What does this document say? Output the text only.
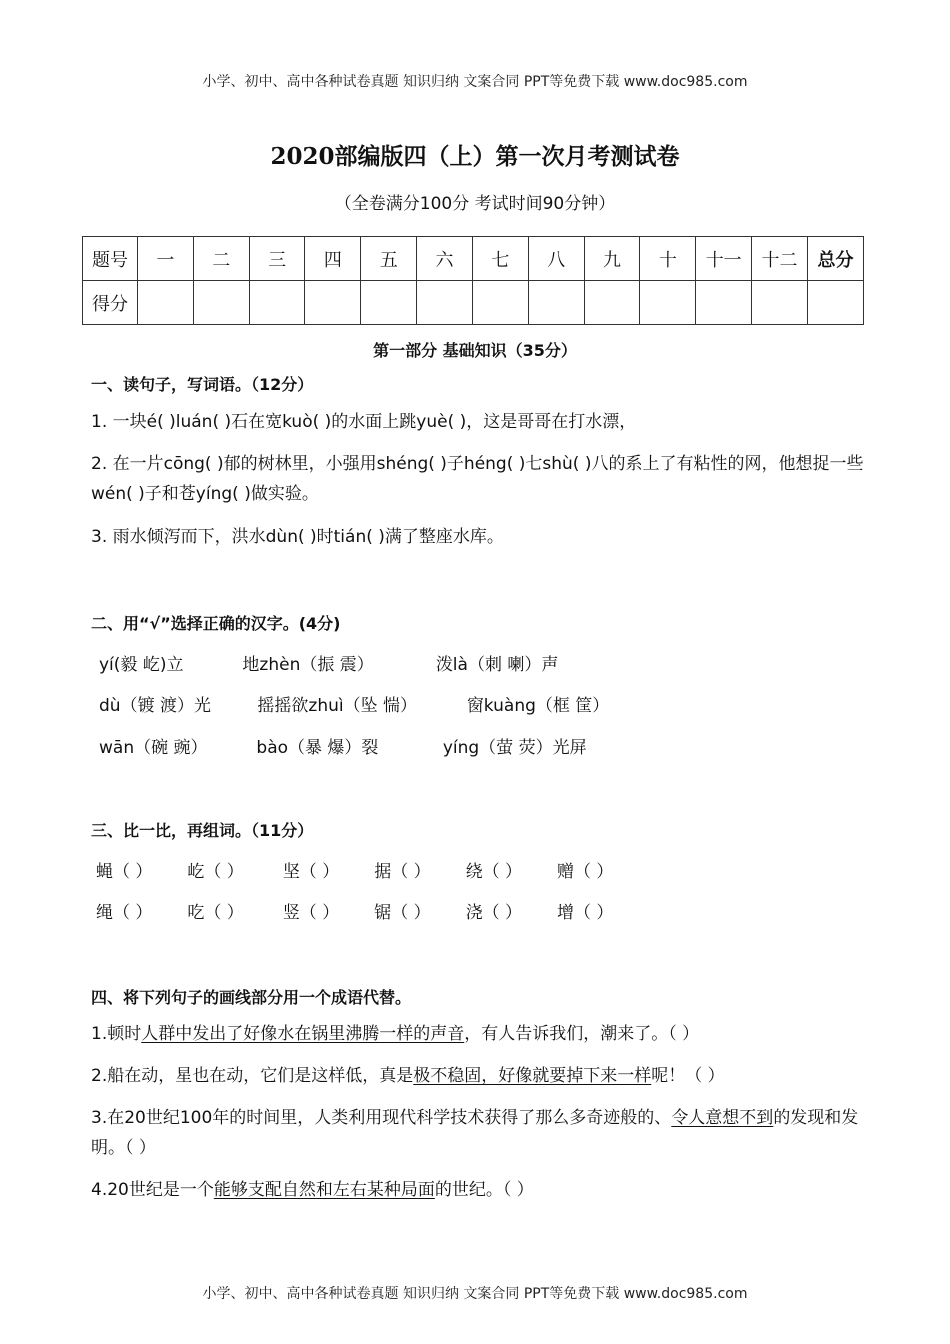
小学、初中、高中各种试卷真题 知识归纳 文案合同 PPT等免费下载 www.doc985.com
2020部编版四（上）第一次月考测试卷
（全卷满分100分 考试时间90分钟）
题号	一	二	三	四	五	六	七	八	九	十	十一	十二	总分
得分													
第一部分 基础知识（35分）
一、读句子，写词语。（12分）
1. 一块é( )luán( )石在宽kuò( )的水面上跳yuè( )，这是哥哥在打水漂，
2. 在一片cōng( )郁的树林里，小强用shéng( )子héng( )七shù( )八的系上了有粘性的网，他想捉一些wén( )子和苍yíng( )做实验。
3. 雨水倾泻而下，洪水dùn( )时tián( )满了整座水库。
二、用“√”选择正确的汉字。(4分)
yí(毅 屹)立	地zhèn（振 震）	泼là（刺 喇）声
dù（镀 渡）光	摇摇欲zhuì（坠 惴）	窗kuàng（框 筐）
wān（碗 豌）	bào（暴 爆）裂	yíng（萤 荧）光屏
三、比一比，再组词。（11分）
蝇（ ） 屹（ ） 坚（ ） 据（ ） 绕（ ） 赠（ ）
绳（ ） 吃（ ） 竖（ ） 锯（ ） 浇（ ） 增（ ）
四、将下列句子的画线部分用一个成语代替。
1.顿时人群中发出了好像水在锅里沸腾一样的声音，有人告诉我们，潮来了。（ ）
2.船在动，星也在动，它们是这样低，真是极不稳固，好像就要掉下来一样呢！（ ）
3.在20世纪100年的时间里，人类利用现代科学技术获得了那么多奇迹般的、令人意想不到的发现和发明。（ ）
4.20世纪是一个能够支配自然和左右某种局面的世纪。（ ）
小学、初中、高中各种试卷真题 知识归纳 文案合同 PPT等免费下载 www.doc985.com
